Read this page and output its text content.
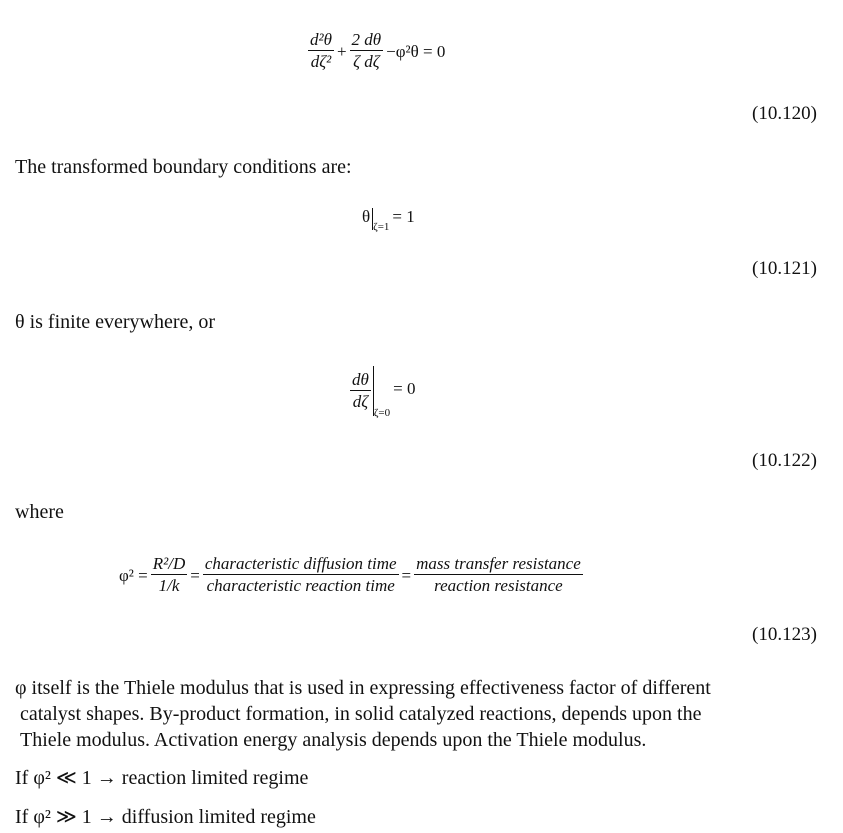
$\frac{\text{d²θ}}{\text{dζ²}} + \frac{2 d\theta}{\text{ζ dζ}} -\varphi^2\theta = 0$
(10.120)
The transformed boundary conditions are:
θ
ζ=1
= 1
(10.121)
θ is finite everywhere, or
$\frac{d\theta}{d\zeta}$
ζ=0
= 0
(10.122)
where
$\varphi^2 = \frac{\text{R²/D}}{1/k} = \frac{\text{characteristic diffusion time}}{\text{characteristic reaction time}} = \frac{\text{mass transfer resistance}}{\text{reaction resistance}}$
(10.123)
φ itself is the Thiele modulus that is used in expressing effectiveness factor of different
catalyst shapes. By-product formation, in solid catalyzed reactions, depends upon the
Thiele modulus. Activation energy analysis depends upon the Thiele modulus.
If φ² ≪ 1 → reaction limited regime
If φ² ≫ 1 → diffusion limited regime
